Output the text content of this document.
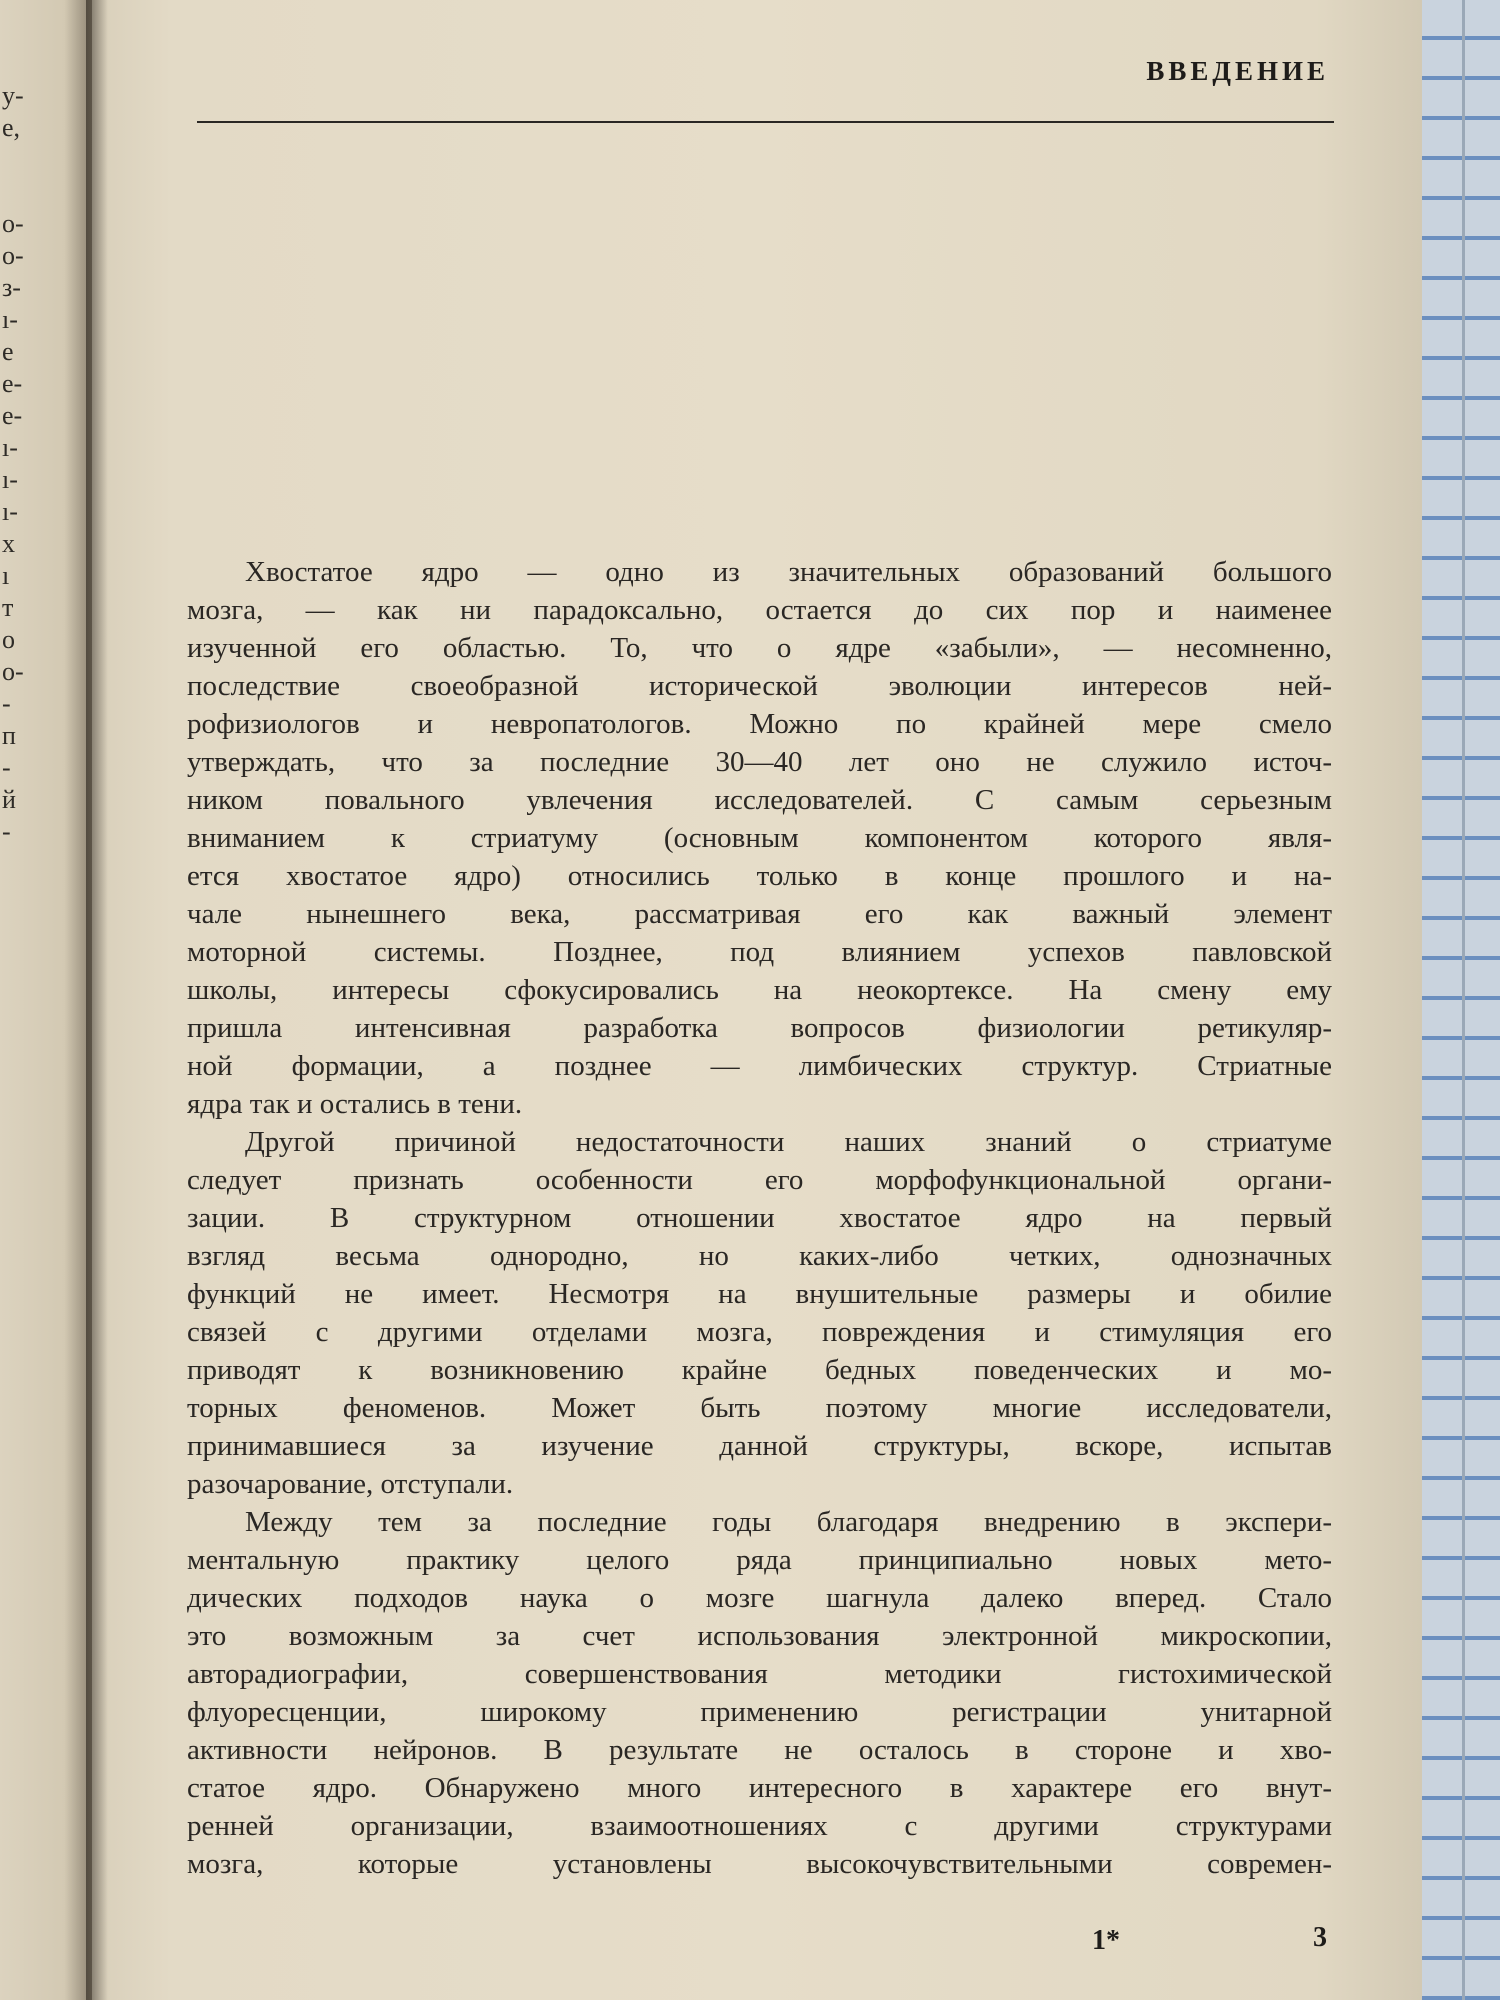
у-
е,
о-
о-
з-
ı-
е
е-
е-
ı-
ı-
ı-
х
ı
т
о
о-
-
п
-
й
-
ВВЕДЕНИЕ
Хвостатое ядро — одно из значительных образований большого
мозга, — как ни парадоксально, остается до сих пор и наименее
изученной его областью. То, что о ядре «забыли», — несомненно,
последствие своеобразной исторической эволюции интересов ней-
рофизиологов и невропатологов. Можно по крайней мере смело
утверждать, что за последние 30—40 лет оно не служило источ-
ником повального увлечения исследователей. С самым серьезным
вниманием к стриатуму (основным компонентом которого явля-
ется хвостатое ядро) относились только в конце прошлого и на-
чале нынешнего века, рассматривая его как важный элемент
моторной системы. Позднее, под влиянием успехов павловской
школы, интересы сфокусировались на неокортексе. На смену ему
пришла интенсивная разработка вопросов физиологии ретикуляр-
ной формации, а позднее — лимбических структур. Стриатные
ядра так и остались в тени.
Другой причиной недостаточности наших знаний о стриатуме
следует признать особенности его морфофункциональной органи-
зации. В структурном отношении хвостатое ядро на первый
взгляд весьма однородно, но каких-либо четких, однозначных
функций не имеет. Несмотря на внушительные размеры и обилие
связей с другими отделами мозга, повреждения и стимуляция его
приводят к возникновению крайне бедных поведенческих и мо-
торных феноменов. Может быть поэтому многие исследователи,
принимавшиеся за изучение данной структуры, вскоре, испытав
разочарование, отступали.
Между тем за последние годы благодаря внедрению в экспери-
ментальную практику целого ряда принципиально новых мето-
дических подходов наука о мозге шагнула далеко вперед. Стало
это возможным за счет использования электронной микроскопии,
авторадиографии, совершенствования методики гистохимической
флуоресценции, широкому применению регистрации унитарной
активности нейронов. В результате не осталось в стороне и хво-
статое ядро. Обнаружено много интересного в характере его внут-
ренней организации, взаимоотношениях с другими структурами
мозга, которые установлены высокочувствительными современ-
1*	3
